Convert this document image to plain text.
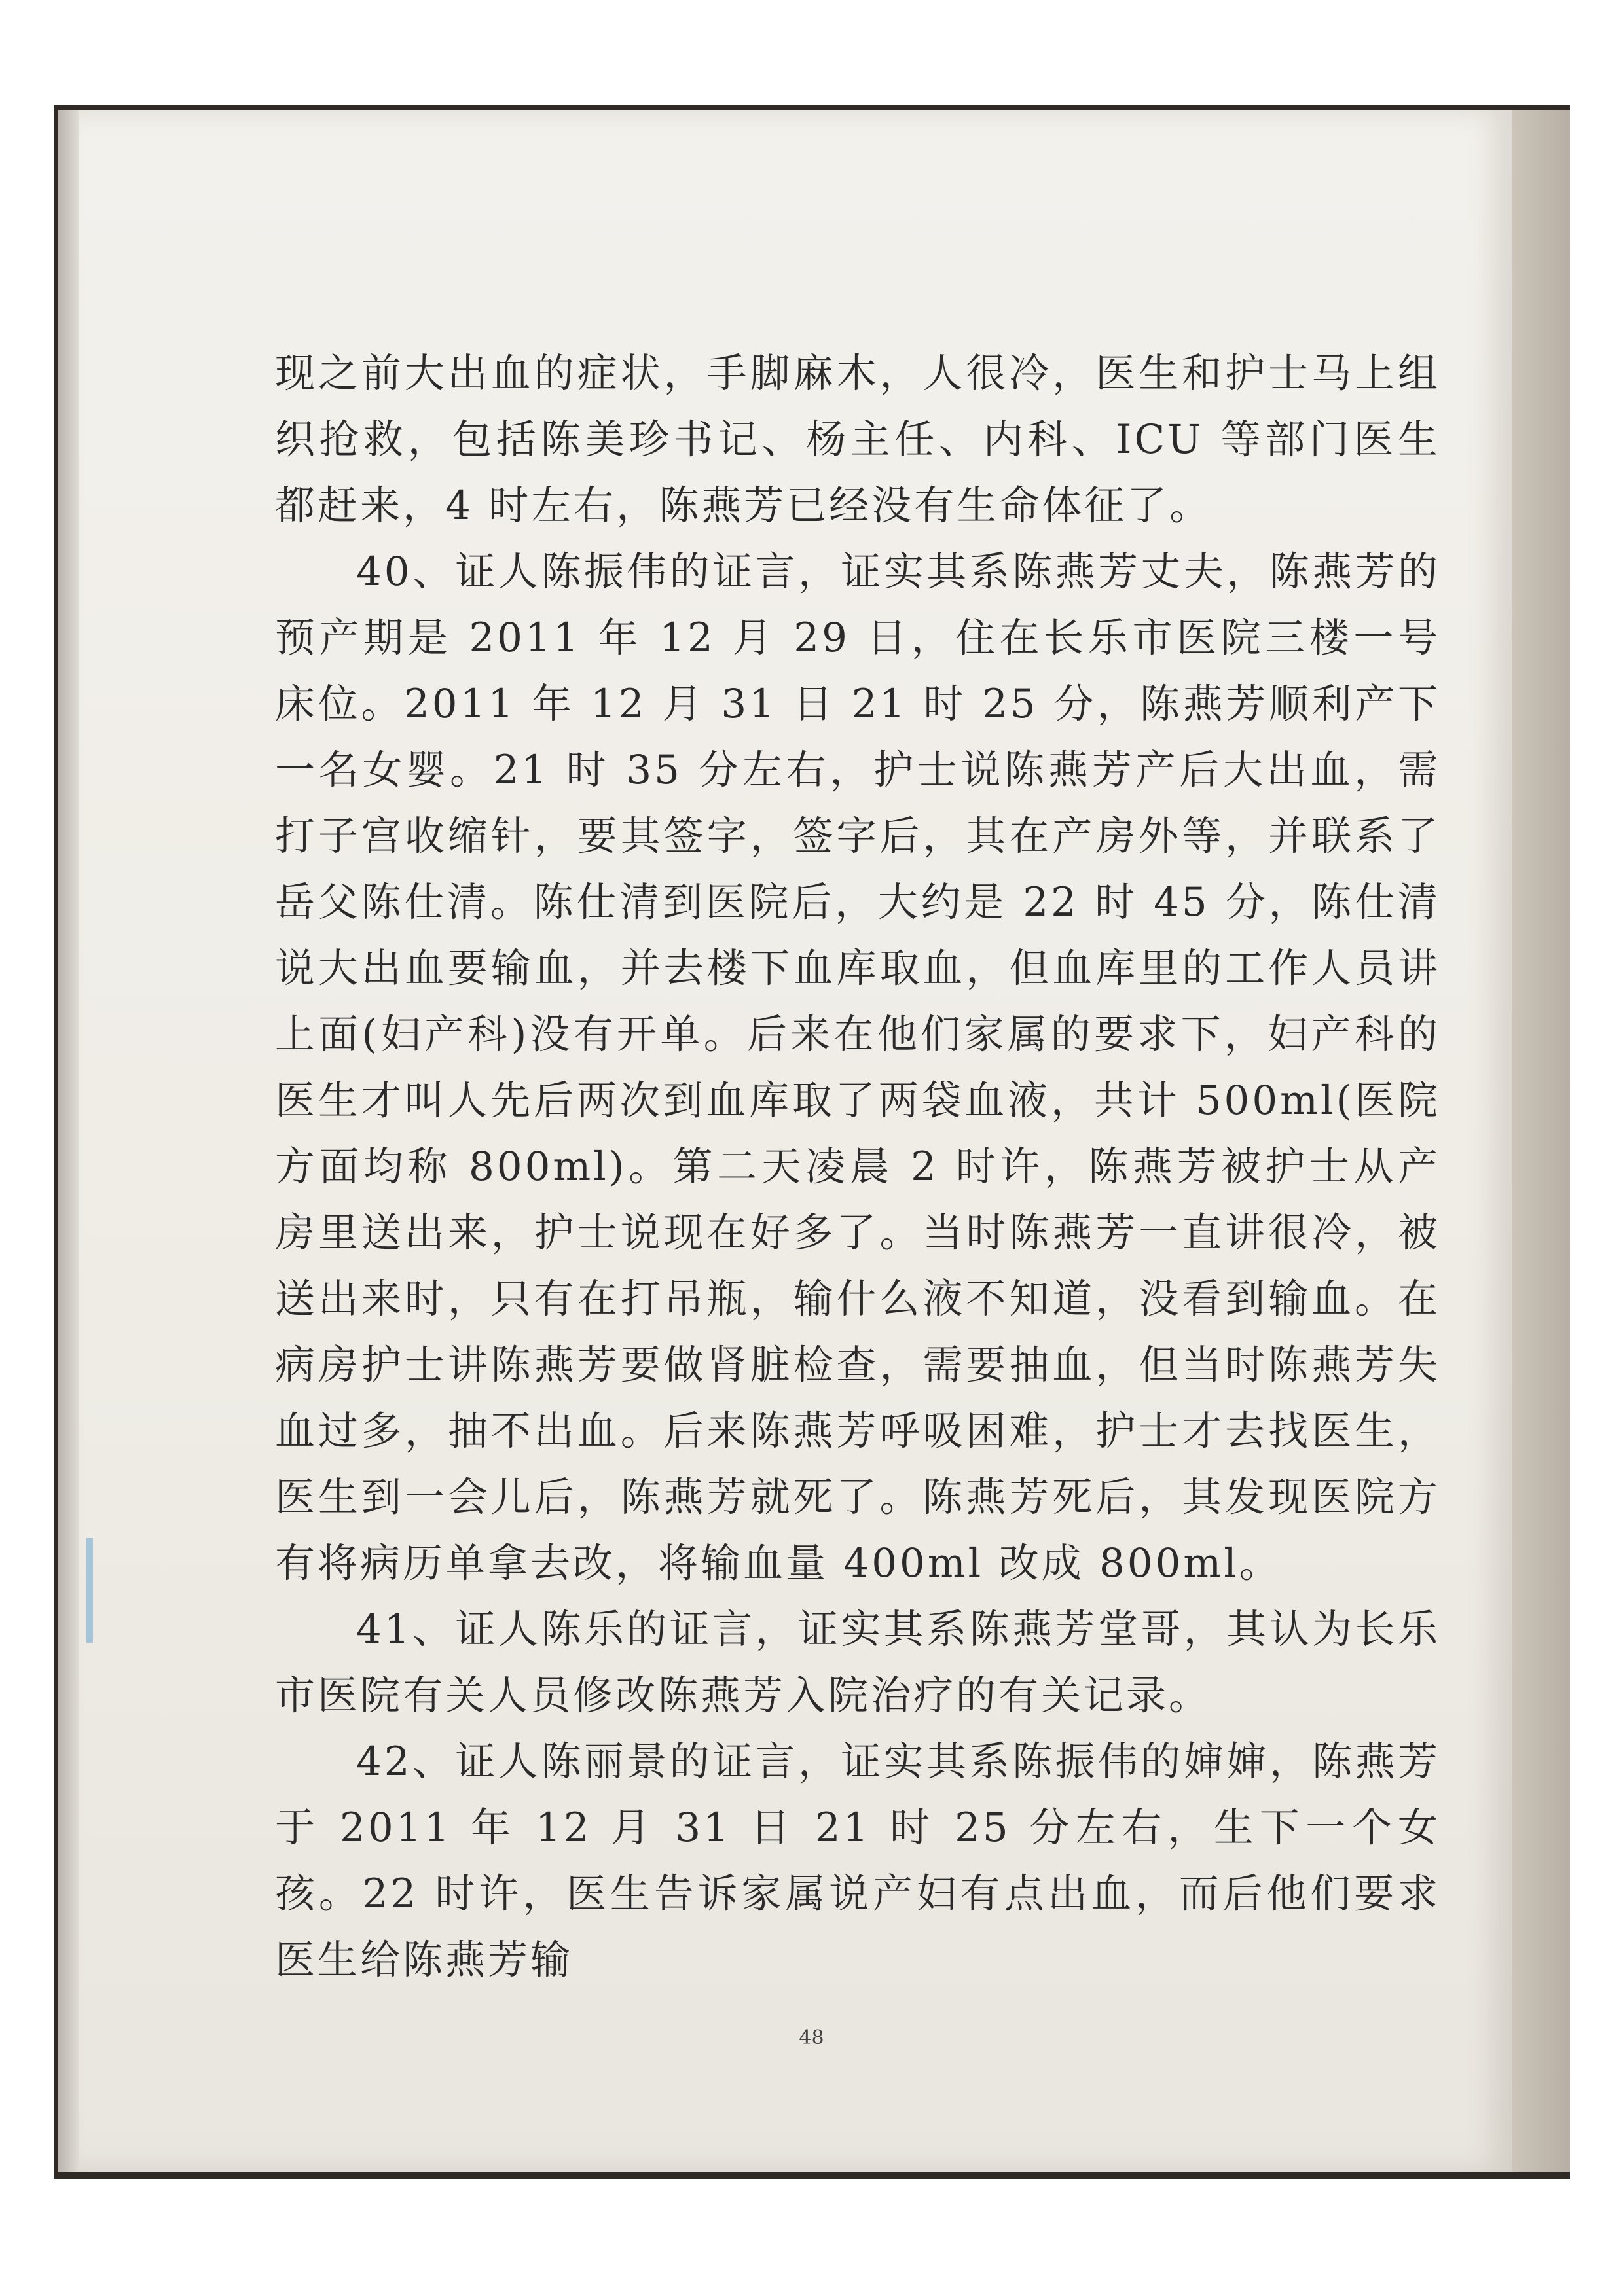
现之前大出血的症状，手脚麻木，人很冷，医生和护士马上组织抢救，包括陈美珍书记、杨主任、内科、ICU 等部门医生都赶来，4 时左右，陈燕芳已经没有生命体征了。

40、证人陈振伟的证言，证实其系陈燕芳丈夫，陈燕芳的预产期是 2011 年 12 月 29 日，住在长乐市医院三楼一号床位。2011 年 12 月 31 日 21 时 25 分，陈燕芳顺利产下一名女婴。21 时 35 分左右，护士说陈燕芳产后大出血，需打子宫收缩针，要其签字，签字后，其在产房外等，并联系了岳父陈仕清。陈仕清到医院后，大约是 22 时 45 分，陈仕清说大出血要输血，并去楼下血库取血，但血库里的工作人员讲上面(妇产科)没有开单。后来在他们家属的要求下，妇产科的医生才叫人先后两次到血库取了两袋血液，共计 500ml(医院方面均称 800ml)。第二天凌晨 2 时许，陈燕芳被护士从产房里送出来，护士说现在好多了。当时陈燕芳一直讲很冷，被送出来时，只有在打吊瓶，输什么液不知道，没看到输血。在病房护士讲陈燕芳要做肾脏检查，需要抽血，但当时陈燕芳失血过多，抽不出血。后来陈燕芳呼吸困难，护士才去找医生，医生到一会儿后，陈燕芳就死了。陈燕芳死后，其发现医院方有将病历单拿去改，将输血量 400ml 改成 800ml。

41、证人陈乐的证言，证实其系陈燕芳堂哥，其认为长乐市医院有关人员修改陈燕芳入院治疗的有关记录。

42、证人陈丽景的证言，证实其系陈振伟的婶婶，陈燕芳于 2011 年 12 月 31 日 21 时 25 分左右，生下一个女孩。22 时许，医生告诉家属说产妇有点出血，而后他们要求医生给陈燕芳输

48
